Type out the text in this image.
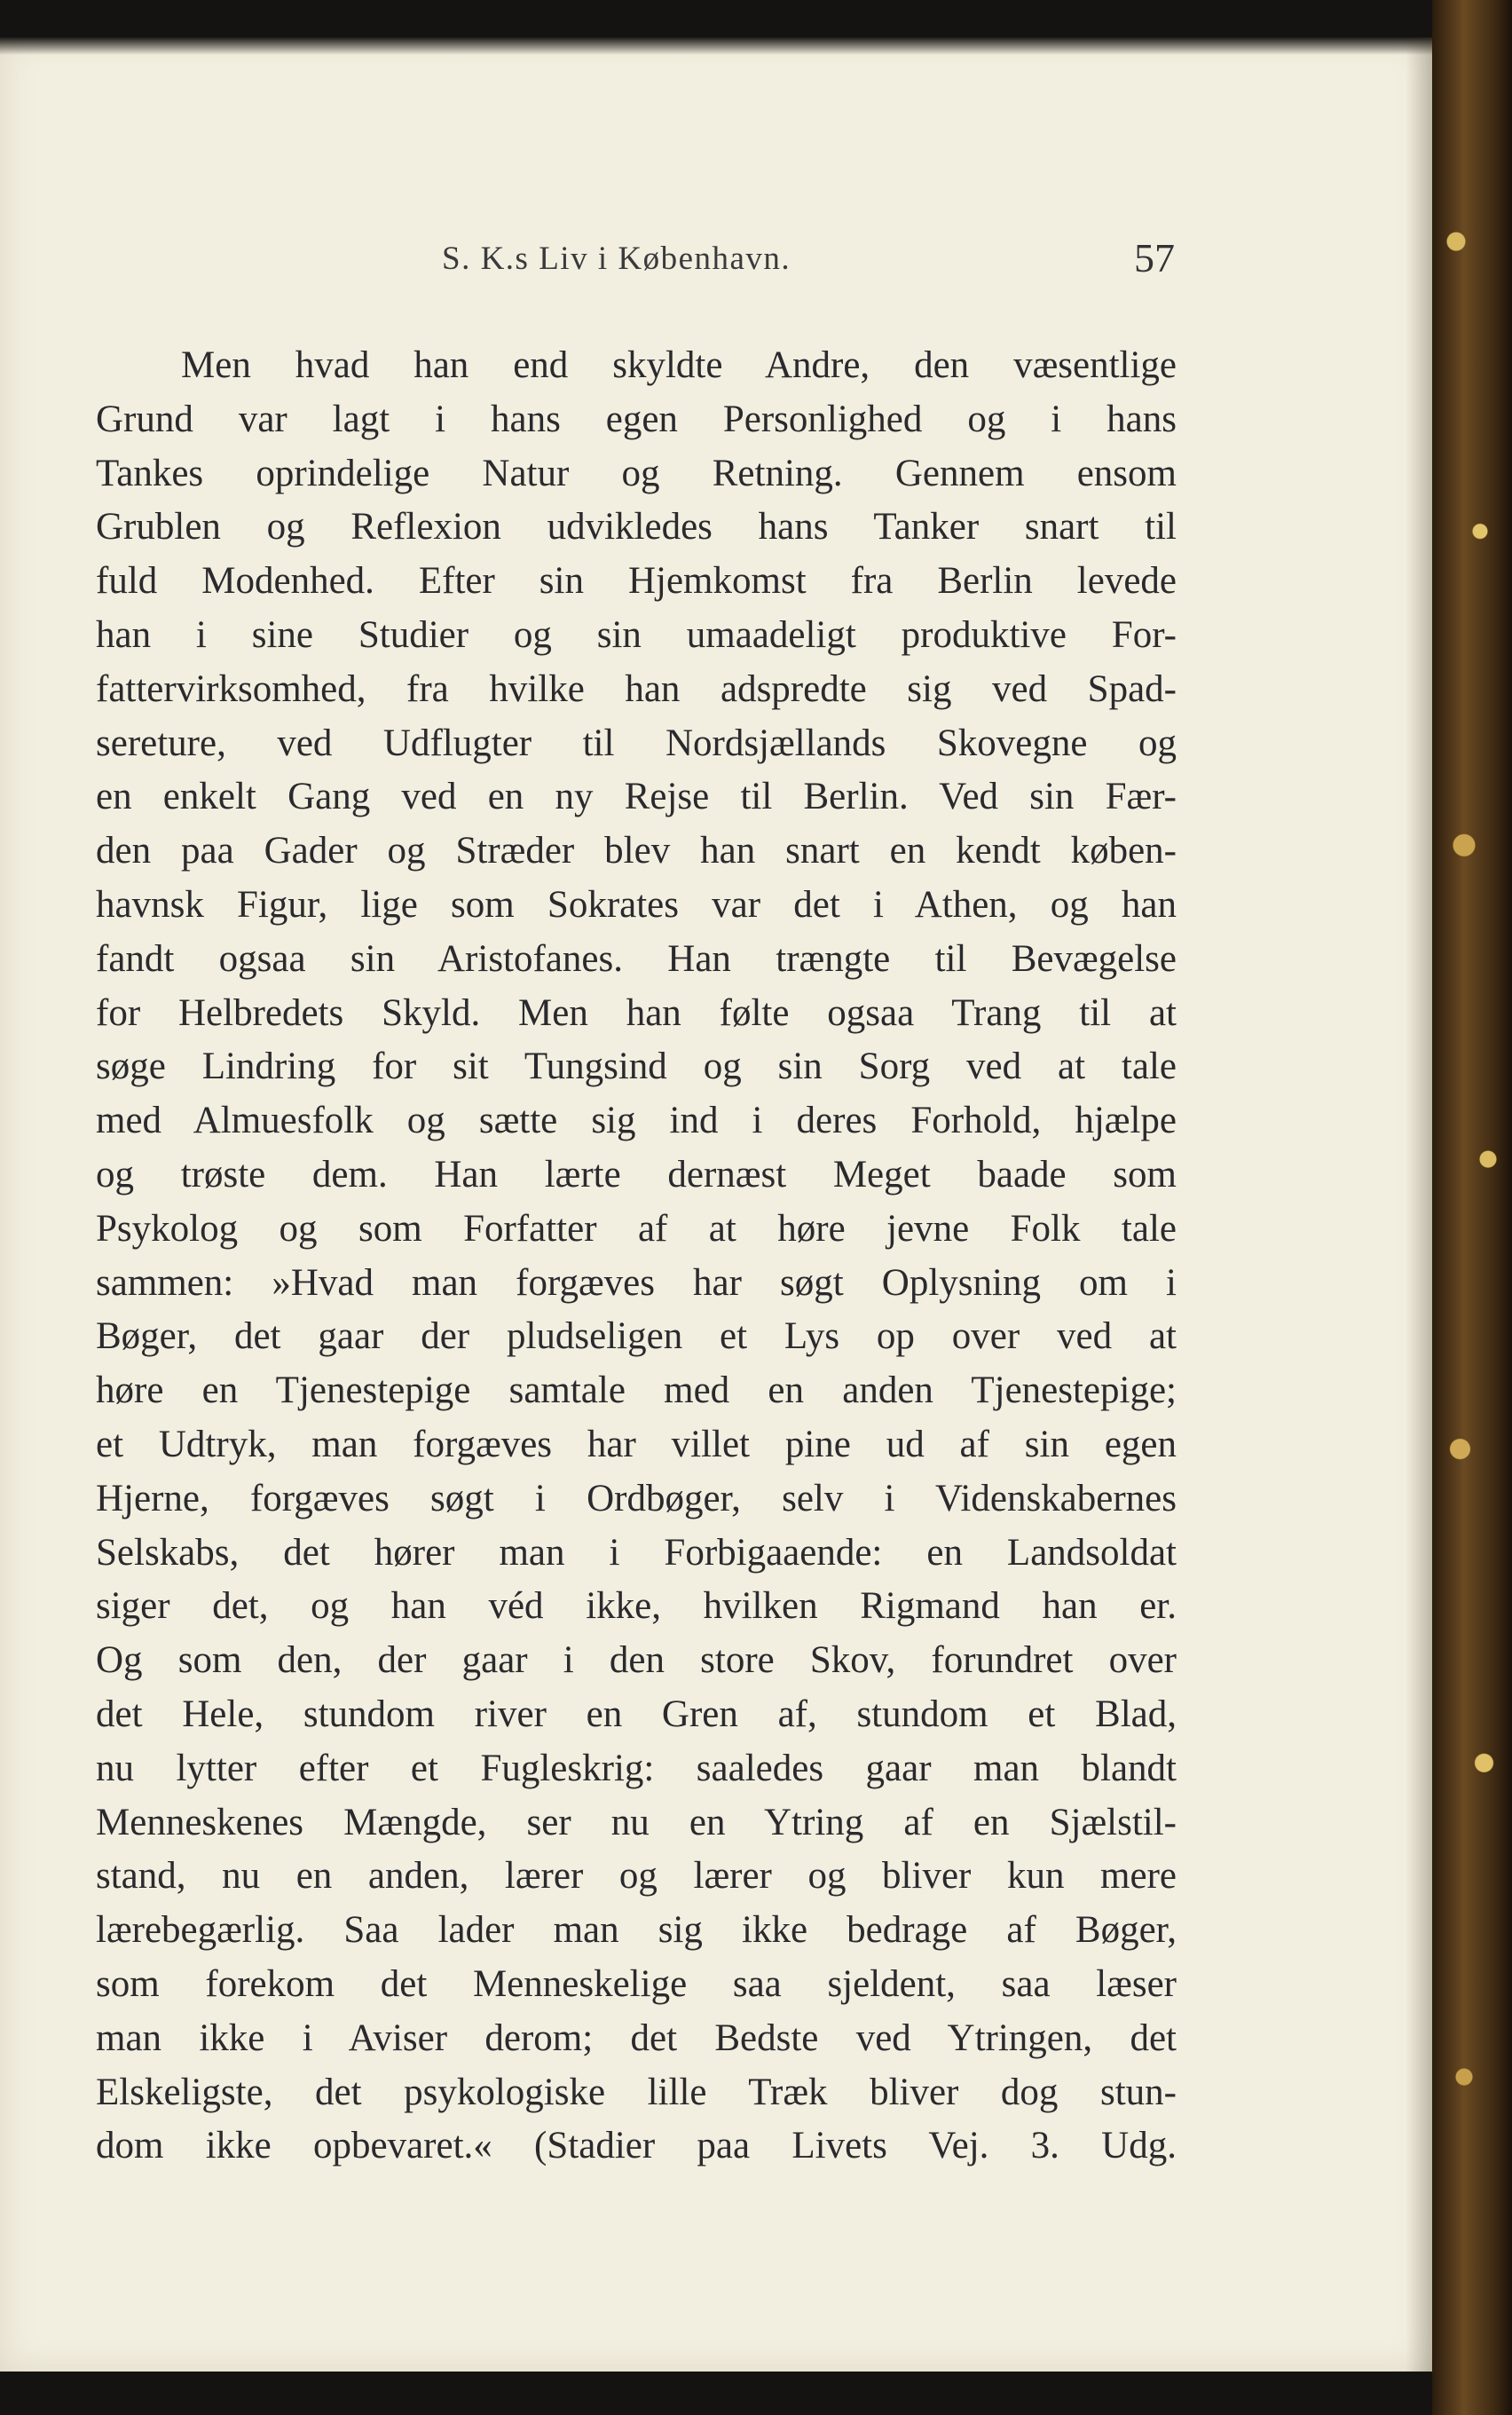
S. K.s Liv i København.	57
Men hvad han end skyldte Andre, den væsentlige
Grund var lagt i hans egen Personlighed og i hans
Tankes oprindelige Natur og Retning. Gennem ensom
Grublen og Reflexion udvikledes hans Tanker snart til
fuld Modenhed. Efter sin Hjemkomst fra Berlin levede
han i sine Studier og sin umaadeligt produktive For-
fattervirksomhed, fra hvilke han adspredte sig ved Spad-
sereture, ved Udflugter til Nordsjællands Skovegne og
en enkelt Gang ved en ny Rejse til Berlin. Ved sin Fær-
den paa Gader og Stræder blev han snart en kendt køben-
havnsk Figur, lige som Sokrates var det i Athen, og han
fandt ogsaa sin Aristofanes. Han trængte til Bevægelse
for Helbredets Skyld. Men han følte ogsaa Trang til at
søge Lindring for sit Tungsind og sin Sorg ved at tale
med Almuesfolk og sætte sig ind i deres Forhold, hjælpe
og trøste dem. Han lærte dernæst Meget baade som
Psykolog og som Forfatter af at høre jevne Folk tale
sammen: »Hvad man forgæves har søgt Oplysning om i
Bøger, det gaar der pludseligen et Lys op over ved at
høre en Tjenestepige samtale med en anden Tjenestepige;
et Udtryk, man forgæves har villet pine ud af sin egen
Hjerne, forgæves søgt i Ordbøger, selv i Videnskabernes
Selskabs, det hører man i Forbigaaende: en Landsoldat
siger det, og han véd ikke, hvilken Rigmand han er.
Og som den, der gaar i den store Skov, forundret over
det Hele, stundom river en Gren af, stundom et Blad,
nu lytter efter et Fugleskrig: saaledes gaar man blandt
Menneskenes Mængde, ser nu en Ytring af en Sjælstil-
stand, nu en anden, lærer og lærer og bliver kun mere
lærebegærlig. Saa lader man sig ikke bedrage af Bøger,
som forekom det Menneskelige saa sjeldent, saa læser
man ikke i Aviser derom; det Bedste ved Ytringen, det
Elskeligste, det psykologiske lille Træk bliver dog stun-
dom ikke opbevaret.« (Stadier paa Livets Vej. 3. Udg.
